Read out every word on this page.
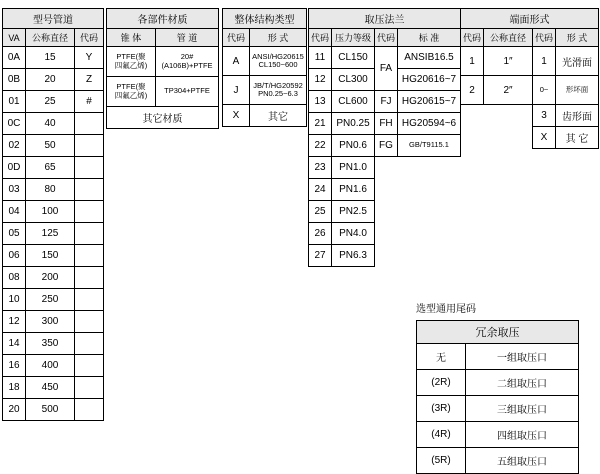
型号管道		
VA	公称直径	代码
0A	15	Y
0B	20	Z
01	25	#
0C	40	
02	50	
0D	65	
03	80	
04	100	
05	125	
06	150	
08	200	
10	250	
12	300	
14	350	
16	400	
18	450	
20	500	
各部件材质	
锥 体	管 道
PTFE(聚
四氟乙烯)	20#(A106B)+PTFE
PTFE(聚
四氟乙烯)	TP304+PTFE
其它材质	
整体结构类型	
代码	形 式
A	ANSI/HG20615
CL150~600
J	JB/T/HG20592
PN0.25~6.3
X	其它
取压法兰			
代码	压力等级	代码	标 准
11	CL150	FA	ANSIB16.5
12	CL300		HG20616~7
13	CL600	FJ	HG20615~7
21	PN0.25	FH	HG20594~6
22	PN0.6	FG	GB/T9115.1
23	PN1.0		
24	PN1.6		
25	PN2.5		
26	PN4.0		
27	PN6.3		
端面形式			
代码	公称直径	代码	形 式
1	1″	1	光滑面
2	2″	0~	形坏面
		3	齿形面
		X	其 它
选型通用尾码
冗余取压	
无	一组取压口
(2R)	二组取压口
(3R)	三组取压口
(4R)	四组取压口
(5R)	五组取压口
